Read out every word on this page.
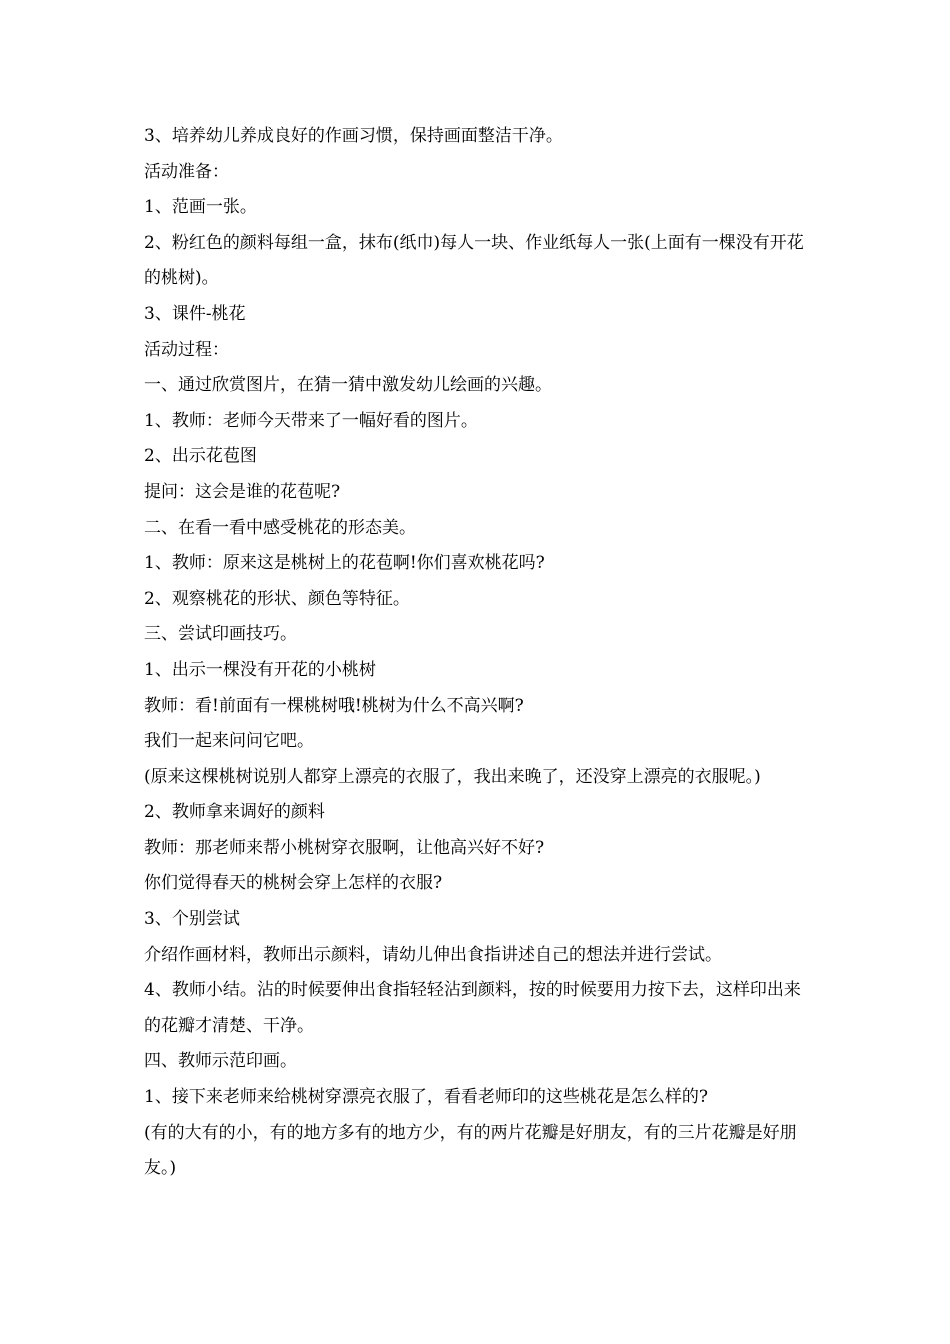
3、培养幼儿养成良好的作画习惯，保持画面整洁干净。

活动准备：

1、范画一张。

2、粉红色的颜料每组一盒，抹布(纸巾)每人一块、作业纸每人一张(上面有一棵没有开花的桃树)。

3、课件-桃花

活动过程：

一、通过欣赏图片，在猜一猜中激发幼儿绘画的兴趣。

1、教师：老师今天带来了一幅好看的图片。

2、出示花苞图

提问：这会是谁的花苞呢?

二、在看一看中感受桃花的形态美。

1、教师：原来这是桃树上的花苞啊!你们喜欢桃花吗?

2、观察桃花的形状、颜色等特征。

三、尝试印画技巧。

1、出示一棵没有开花的小桃树

教师：看!前面有一棵桃树哦!桃树为什么不高兴啊?

我们一起来问问它吧。

(原来这棵桃树说别人都穿上漂亮的衣服了，我出来晚了，还没穿上漂亮的衣服呢。)

2、教师拿来调好的颜料

教师：那老师来帮小桃树穿衣服啊，让他高兴好不好?

你们觉得春天的桃树会穿上怎样的衣服?

3、个别尝试

介绍作画材料，教师出示颜料，请幼儿伸出食指讲述自己的想法并进行尝试。

4、教师小结。沾的时候要伸出食指轻轻沾到颜料，按的时候要用力按下去，这样印出来的花瓣才清楚、干净。

四、教师示范印画。

1、接下来老师来给桃树穿漂亮衣服了，看看老师印的这些桃花是怎么样的?

(有的大有的小，有的地方多有的地方少，有的两片花瓣是好朋友，有的三片花瓣是好朋友。)
